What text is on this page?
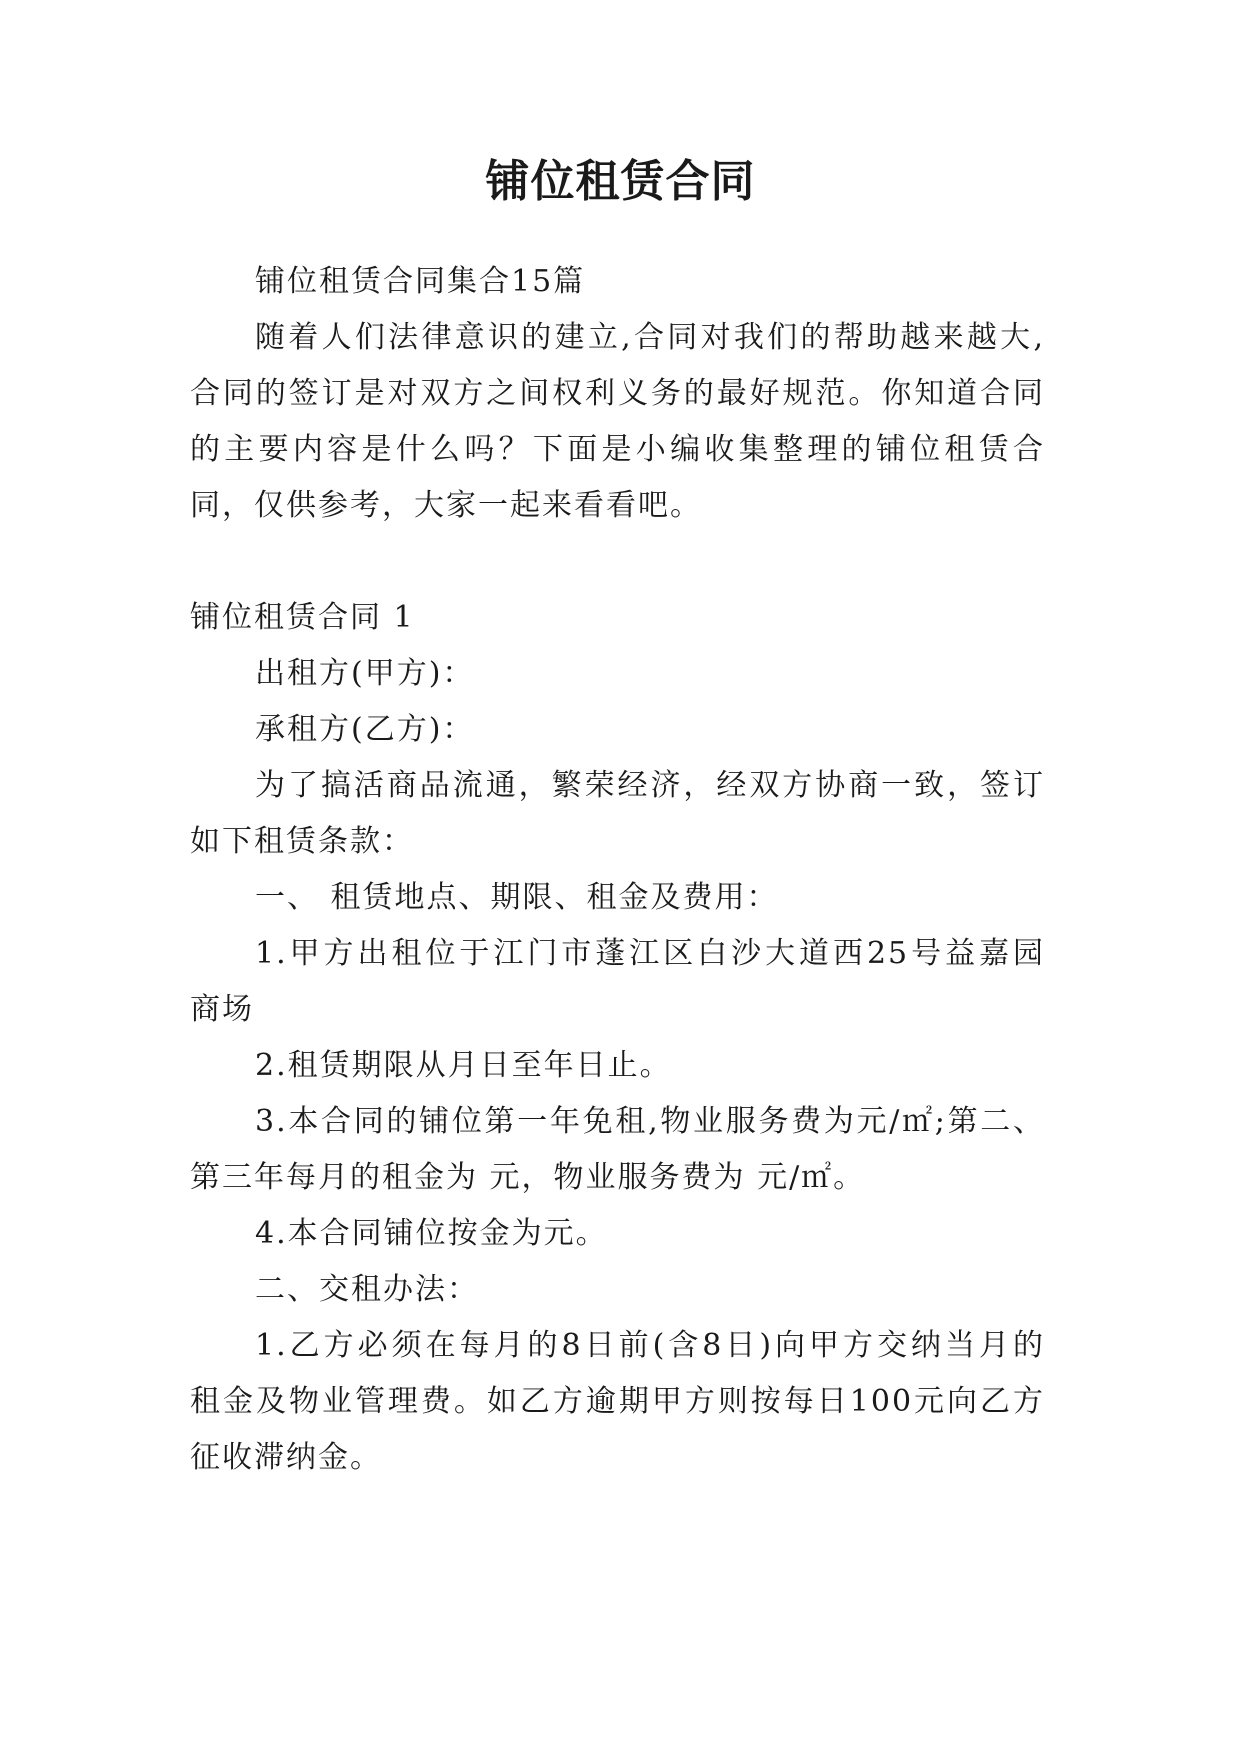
铺位租赁合同

铺位租赁合同集合15篇

随着人们法律意识的建立,合同对我们的帮助越来越大,

合同的签订是对双方之间权利义务的最好规范。你知道合同

的主要内容是什么吗？下面是小编收集整理的铺位租赁合

同，仅供参考，大家一起来看看吧。

铺位租赁合同 1

出租方(甲方)：

承租方(乙方)：

为了搞活商品流通，繁荣经济，经双方协商一致，签订

如下租赁条款：

一、 租赁地点、期限、租金及费用：

1.甲方出租位于江门市蓬江区白沙大道西25号益嘉园

商场

2.租赁期限从月日至年日止。

3.本合同的铺位第一年免租,物业服务费为元/㎡;第二、

第三年每月的租金为 元，物业服务费为 元/㎡。

4.本合同铺位按金为元。

二、交租办法：

1.乙方必须在每月的8日前(含8日)向甲方交纳当月的

租金及物业管理费。如乙方逾期甲方则按每日100元向乙方

征收滞纳金。
